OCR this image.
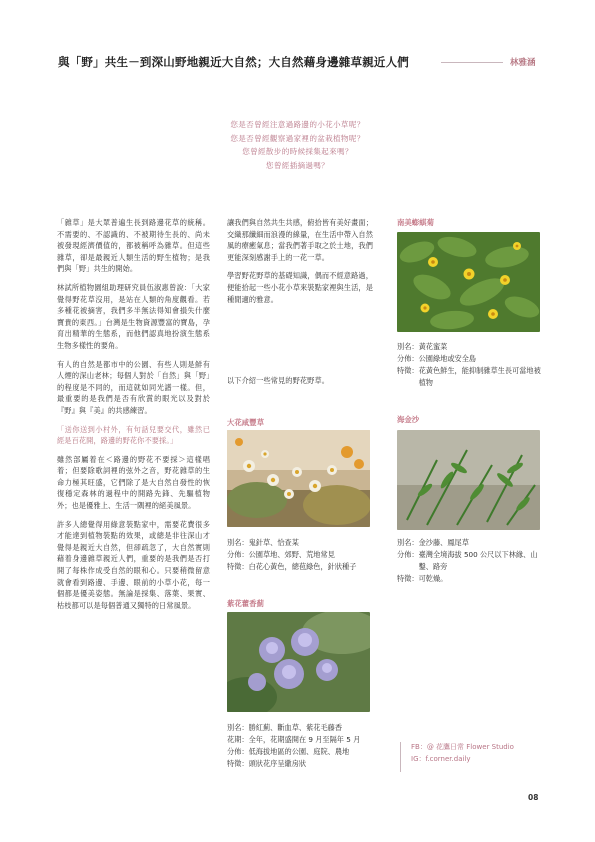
與「野」共生－到深山野地親近大自然；大自然藉身邊雜草親近人們	林雅涵

您是否曾經注意過路邊的小花小草呢？

您是否曾經觀察過家裡的盆栽植物呢？

您曾經散步的時候採集起來嗎？

您曾經插摘過嗎？

「雜草」是大眾普遍生長到路邊花草的統稱。不需要的、不認識的、不被期待生長的、尚未被發現經濟價值的，都被稱呼為雜草。但這些雜草，卻是最親近人類生活的野生植物；是我們與「野」共生的開始。

林試所植物園組助理研究員伍淑惠曾說：「大家覺得野花草沒用，是站在人類的角度觀看。若多種花被摘害，我們多半無法得知會損失什麼寶貴的東西。」台灣是生物資源豐富的寶島，孕育出精華的生態系，而他們認真地扮演生態系生物多樣性的要角。

有人的自然是都市中的公園、有些人則是鮮有人煙的深山老林；每個人對於「自然」與「野」的程度是不同的，而這就如同光譜一樣。但，最重要的是我們是否有欣賞的眼光以及對於『野』與『美』的共感練習。

「送你送到小村外，有句話兒要交代，雖然已經是百花開，路邊的野花你不要採。」

雖然部屬着在＜路邊的野花不要採＞這樣唱着；但要除歌詞裡的弦外之音，野花雜草的生命力極其旺盛，它們除了是大自然自發性的恢復穩定森林的過程中的開路先鋒、先驅植物外；也是優雅上、生活一隅裡的絕美風景。

許多人總覺得用綠意裝點家中，需要花費很多才能達到植物裝點的效果，或總是非往深山才覺得是親近大自然，但卻疏忽了，大自然實則藉着身邊雜草親近人們，重要的是我們是否打開了每株作成受自然的眼和心。只要稍微留意就會看到路邊、手邊、眼前的小草小花，每一個都是優美姿態。無論是採集、落葉、果實、枯枝都可以是每個普通又獨特的日常風景。

讓我們與自然共生共感，俯拾皆有美好畫面；交織那纖細而浪漫的線量，在生活中帶入自然風的療癒氣息；當我們著手取之於土地，我們更能深刻感謝手上的一花一草。

學習野花野草的基礎知識，偶而不經意路過，便能拾起一些小花小草來裝點家裡與生活，是種閒適的雅意。

以下介紹一些常見的野花野草。

大花咸豐草
別名： 鬼針草、恰查某
分佈： 公園草地、郊野、荒地常見
特徵： 白花心黃色，總苞綠色，針狀種子
紫花藿香薊
別名： 勝紅薊、斷血草、紫花毛藤香
花期： 全年，花期盛開在 9 月至隔年 5 月
分佈： 低海拔地區的公園、庭院、農地
特徵： 頭狀花序呈繖房狀
南美蟛蜞菊
別名： 黃花蜜菜
分佈： 公園綠地或安全島
特徵： 花黃色鮮生，能抑制雜草生長可當地被植物
海金沙
別名： 金沙藤、鳳尾草
分佈： 臺灣全境海拔 500 公尺以下林緣、山鑿、路旁
特徵： 可乾燥。
FB：@ 花鷹日常 Flower Studio
IG：f.corner.daily
08
